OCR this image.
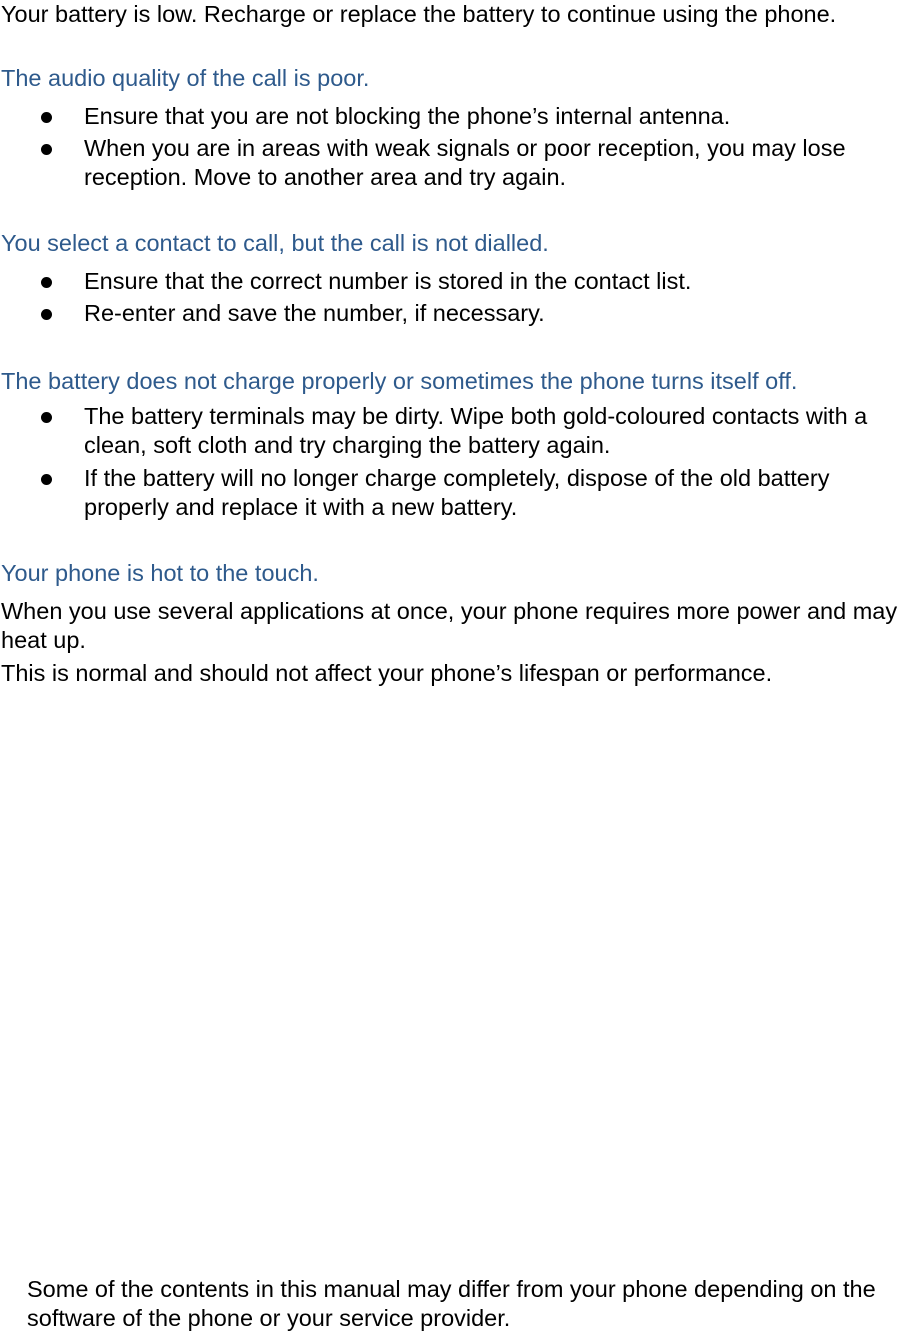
Your battery is low. Recharge or replace the battery to continue using the phone.

The audio quality of the call is poor.
Ensure that you are not blocking the phone’s internal antenna.
When you are in areas with weak signals or poor reception, you may lose reception. Move to another area and try again.
You select a contact to call, but the call is not dialled.
Ensure that the correct number is stored in the contact list.
Re-enter and save the number, if necessary.
The battery does not charge properly or sometimes the phone turns itself off.
The battery terminals may be dirty. Wipe both gold-coloured contacts with a clean, soft cloth and try charging the battery again.
If the battery will no longer charge completely, dispose of the old battery properly and replace it with a new battery.
Your phone is hot to the touch.

When you use several applications at once, your phone requires more power and may heat up.

This is normal and should not affect your phone’s lifespan or performance.

Some of the contents in this manual may differ from your phone depending on the software of the phone or your service provider.
